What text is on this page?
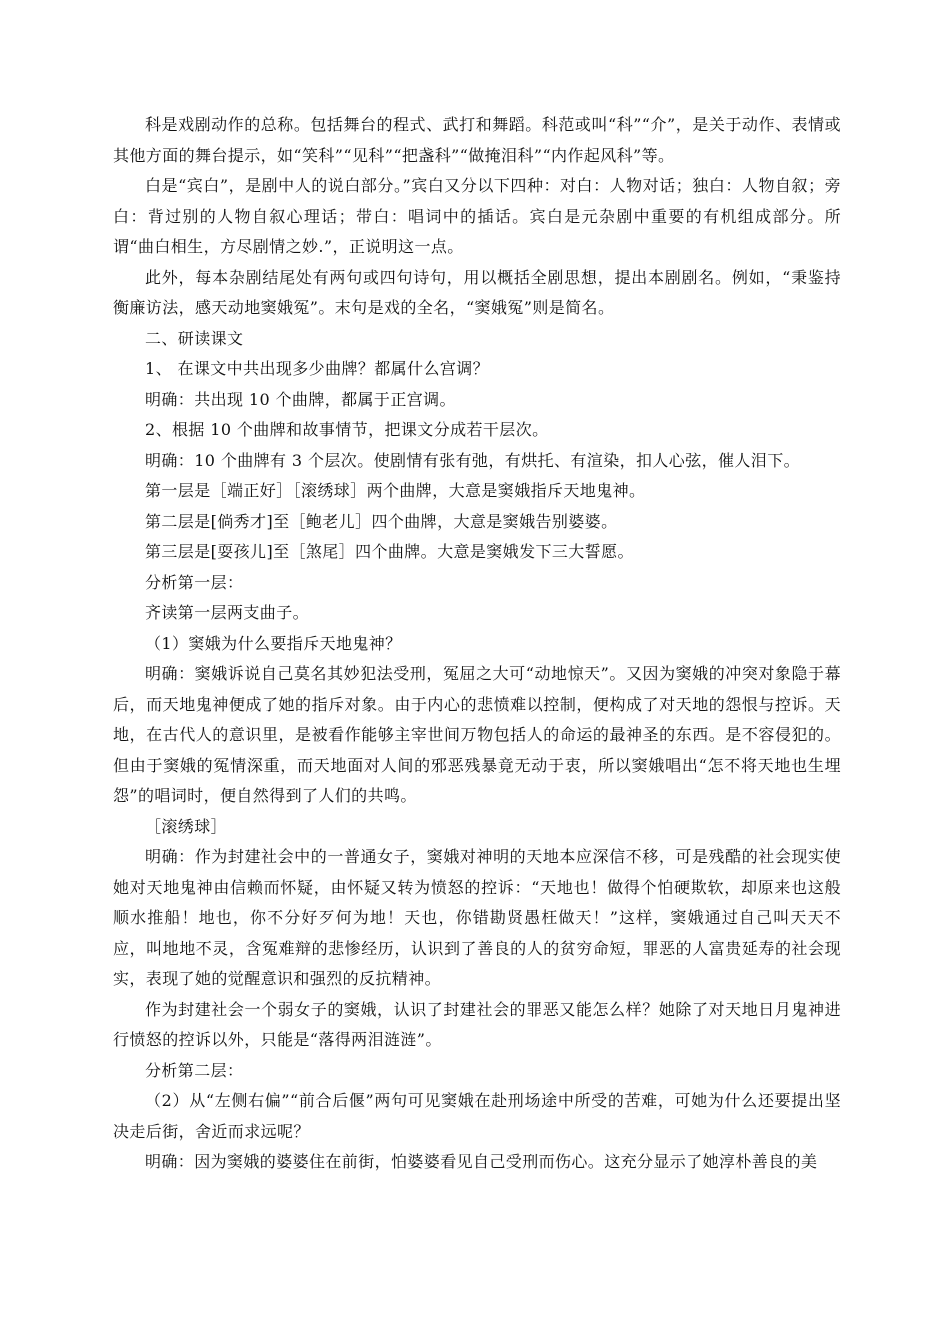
科是戏剧动作的总称。包括舞台的程式、武打和舞蹈。科范或叫“科”“介”，是关于动作、表情或其他方面的舞台提示，如“笑科”“见科”“把盏科”“做掩泪科”“内作起风科”等。

白是“宾白”，是剧中人的说白部分。”宾白又分以下四种：对白：人物对话；独白：人物自叙；旁白：背过别的人物自叙心理话；带白：唱词中的插话。宾白是元杂剧中重要的有机组成部分。所谓“曲白相生，方尽剧情之妙.”，正说明这一点。

此外，每本杂剧结尾处有两句或四句诗句，用以概括全剧思想，提出本剧剧名。例如，“秉鉴持衡廉访法，感天动地窦娥冤”。末句是戏的全名，“窦娥冤”则是简名。

二、研读课文

1、 在课文中共出现多少曲牌？都属什么宫调？

明确：共出现 10 个曲牌，都属于正宫调。

2、根据 10 个曲牌和故事情节，把课文分成若干层次。

明确：10 个曲牌有 3 个层次。使剧情有张有弛，有烘托、有渲染，扣人心弦，催人泪下。

第一层是［端正好］［滚绣球］两个曲牌，大意是窦娥指斥天地鬼神。

第二层是[倘秀才]至［鲍老儿］四个曲牌，大意是窦娥告别婆婆。

第三层是[耍孩儿]至［煞尾］四个曲牌。大意是窦娥发下三大誓愿。

分析第一层：

齐读第一层两支曲子。

（1）窦娥为什么要指斥天地鬼神？

明确：窦娥诉说自己莫名其妙犯法受刑，冤屈之大可“动地惊天”。又因为窦娥的冲突对象隐于幕后，而天地鬼神便成了她的指斥对象。由于内心的悲愤难以控制，便构成了对天地的怨恨与控诉。天地，在古代人的意识里，是被看作能够主宰世间万物包括人的命运的最神圣的东西。是不容侵犯的。但由于窦娥的冤情深重，而天地面对人间的邪恶残暴竟无动于衷，所以窦娥唱出“怎不将天地也生埋怨”的唱词时，便自然得到了人们的共鸣。

［滚绣球］

明确：作为封建社会中的一普通女子，窦娥对神明的天地本应深信不移，可是残酷的社会现实使她对天地鬼神由信赖而怀疑，由怀疑又转为愤怒的控诉：“天地也！做得个怕硬欺软，却原来也这般顺水推船！地也，你不分好歹何为地！天也，你错勘贤愚枉做天！”这样，窦娥通过自己叫天天不应，叫地地不灵，含冤难辩的悲惨经历，认识到了善良的人的贫穷命短，罪恶的人富贵延寿的社会现实，表现了她的觉醒意识和强烈的反抗精神。

作为封建社会一个弱女子的窦娥，认识了封建社会的罪恶又能怎么样？她除了对天地日月鬼神进行愤怒的控诉以外，只能是“落得两泪涟涟”。

分析第二层：

（2）从“左侧右偏”“前合后偃”两句可见窦娥在赴刑场途中所受的苦难，可她为什么还要提出坚决走后街，舍近而求远呢？

明确：因为窦娥的婆婆住在前街，怕婆婆看见自己受刑而伤心。这充分显示了她淳朴善良的美
